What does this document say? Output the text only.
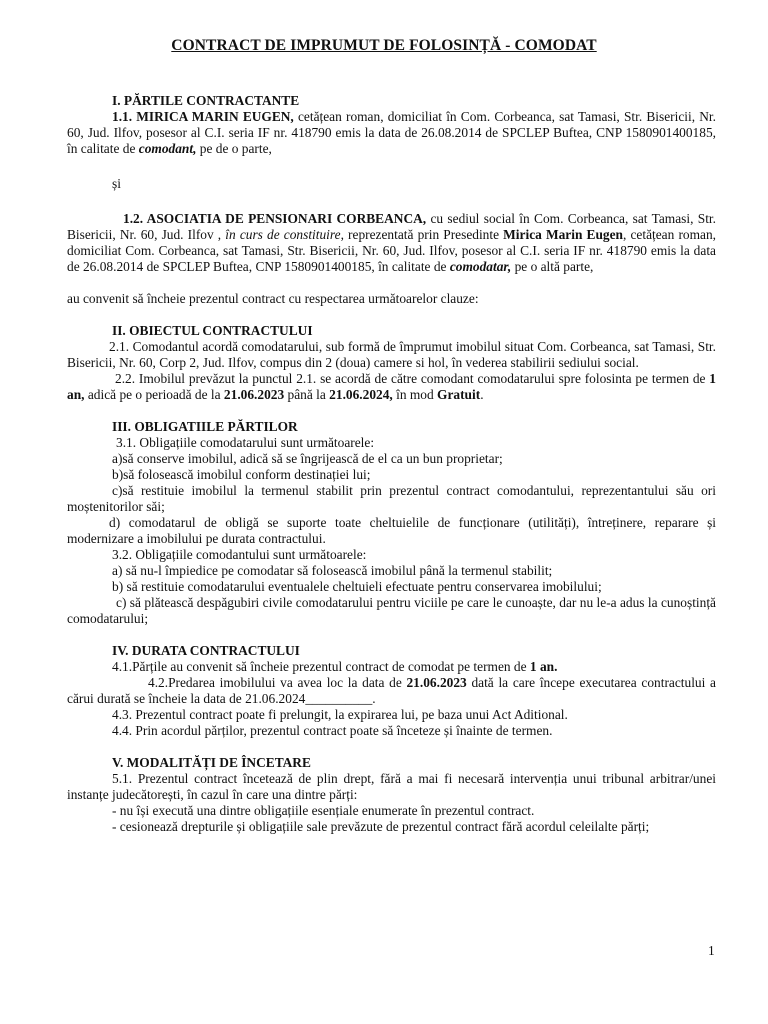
CONTRACT DE IMPRUMUT DE FOLOSINȚĂ - COMODAT

I. PĂRTILE CONTRACTANTE

1.1. MIRICA MARIN EUGEN, cetățean roman, domiciliat în Com. Corbeanca, sat Tamasi, Str. Bisericii, Nr. 60, Jud. Ilfov, posesor al C.I. seria IF nr. 418790 emis la data de 26.08.2014 de SPCLEP Buftea, CNP 1580901400185, în calitate de comodant, pe de o parte,

și

1.2. ASOCIATIA DE PENSIONARI CORBEANCA, cu sediul social în Com. Corbeanca, sat Tamasi, Str. Bisericii, Nr. 60, Jud. Ilfov , în curs de constituire, reprezentată prin Presedinte Mirica Marin Eugen, cetățean roman, domiciliat Com. Corbeanca, sat Tamasi, Str. Bisericii, Nr. 60, Jud. Ilfov, posesor al C.I. seria IF nr. 418790 emis la data de 26.08.2014 de SPCLEP Buftea, CNP 1580901400185, în calitate de comodatar, pe o altă parte,

au convenit să încheie prezentul contract cu respectarea următoarelor clauze:

II. OBIECTUL CONTRACTULUI

2.1. Comodantul acordă comodatarului, sub formă de împrumut imobilul situat Com. Corbeanca, sat Tamasi, Str. Bisericii, Nr. 60, Corp 2, Jud. Ilfov, compus din 2 (doua) camere si hol, în vederea stabilirii sediului social.

2.2. Imobilul prevăzut la punctul 2.1. se acordă de către comodant comodatarului spre folosinta pe termen de 1 an, adică pe o perioadă de la 21.06.2023 până la 21.06.2024, în mod Gratuit.

III. OBLIGATIILE PĂRTILOR

3.1. Obligațiile comodatarului sunt următoarele:

a)să conserve imobilul, adică să se îngrijească de el ca un bun proprietar;

b)să folosească imobilul conform destinației lui;

c)să restituie imobilul la termenul stabilit prin prezentul contract comodantului, reprezentantului său ori moștenitorilor săi;

d) comodatarul de obligă se suporte toate cheltuielile de funcționare (utilități), întreținere, reparare și modernizare a imobilului pe durata contractului.

3.2. Obligațiile comodantului sunt următoarele:

a) să nu-l împiedice pe comodatar să folosească imobilul până la termenul stabilit;

b) să restituie comodatarului eventualele cheltuieli efectuate pentru conservarea imobilului;

c) să plătească despăgubiri civile comodatarului pentru viciile pe care le cunoaște, dar nu le-a adus la cunoștință comodatarului;

IV. DURATA CONTRACTULUI

4.1.Părțile au convenit să încheie prezentul contract de comodat pe termen de 1 an.

4.2.Predarea imobilului va avea loc la data de 21.06.2023 dată la care începe executarea contractului a cărui durată se încheie la data de 21.06.2024__________.

4.3. Prezentul contract poate fi prelungit, la expirarea lui, pe baza unui Act Aditional.

4.4. Prin acordul părților, prezentul contract poate să înceteze și înainte de termen.

V. MODALITĂȚI DE ÎNCETARE

5.1. Prezentul contract încetează de plin drept, fără a mai fi necesară intervenția unui tribunal arbitrar/unei instanțe judecătorești, în cazul în care una dintre părți:

- nu își execută una dintre obligațiile esențiale enumerate în prezentul contract.

- cesionează drepturile și obligațiile sale prevăzute de prezentul contract fără acordul celeilalte părți;

1
